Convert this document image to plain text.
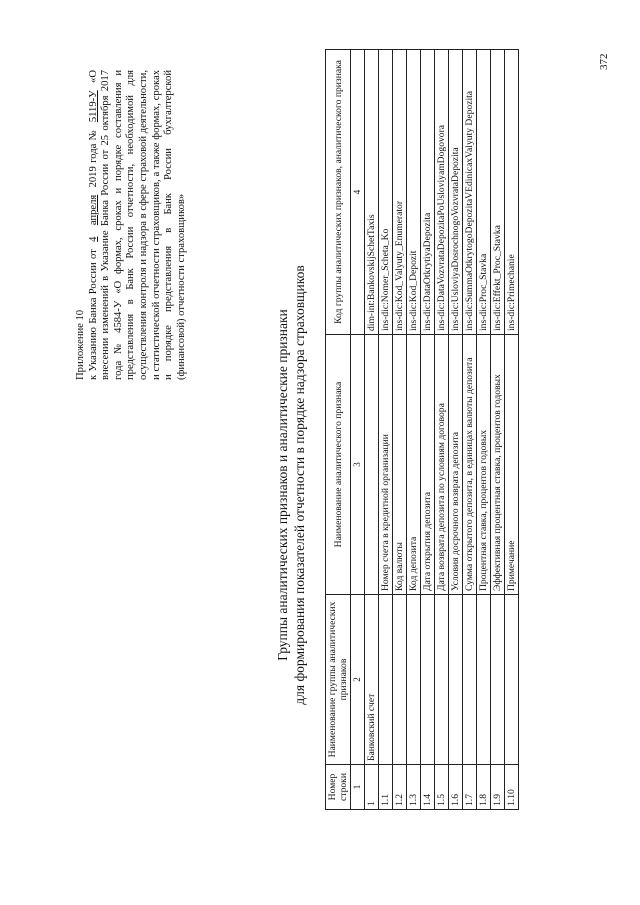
Приложение 10 к Указанию Банка России от 4 апреля 2019 года № 5119-У «О внесении изменений в Указание Банка России от 25 октября 2017 года № 4584-У «О формах, сроках и порядке составления и представления в Банк России отчетности, необходимой для осуществления контроля и надзора в сфере страховой деятельности, и статистической отчетности страховщиков, а также формах, сроках и порядке представления в Банк России бухгалтерской (финансовой) отчетности страховщиков»
Группы аналитических признаков и аналитические признаки для формирования показателей отчетности в порядке надзора страховщиков
Номер строки	Наименование группы аналитических признаков	Наименование аналитического признака	Код группы аналитических признаков, аналитического признака
1	2	3	4
1	Банковский счет		dim-int:BankovskijSchetTaxis
1.1		Номер счета в кредитной организации	ins-dic:Nomer_Scheta_Ko
1.2		Код валюты	ins-dic:Kod_Valyuty_Enumerator
1.3		Код депозита	ins-dic:Kod_Depozit
1.4		Дата открытия депозита	ins-dic:DataOtkrytiyaDepozita
1.5		Дата возврата депозита по условиям договора	ins-dic:DataVozvrataDepozitaPoUsloviyamDogovora
1.6		Условия досрочного возврата депозита	ins-dic:UsloviyaDosrochnogoVozvrataDepozita
1.7		Сумма открытого депозита, в единицах валюты депозита	ins-dic:SummaOtkrytogoDepozitaVEdinicaxValyuty Depozita
1.8		Процентная ставка, процентов годовых	ins-dic:Proc_Stavka
1.9		Эффективная процентная ставка, процентов годовых	ins-dic:Effekt_Proc_Stavka
1.10		Примечание	ins-dic:Primechanie
372
